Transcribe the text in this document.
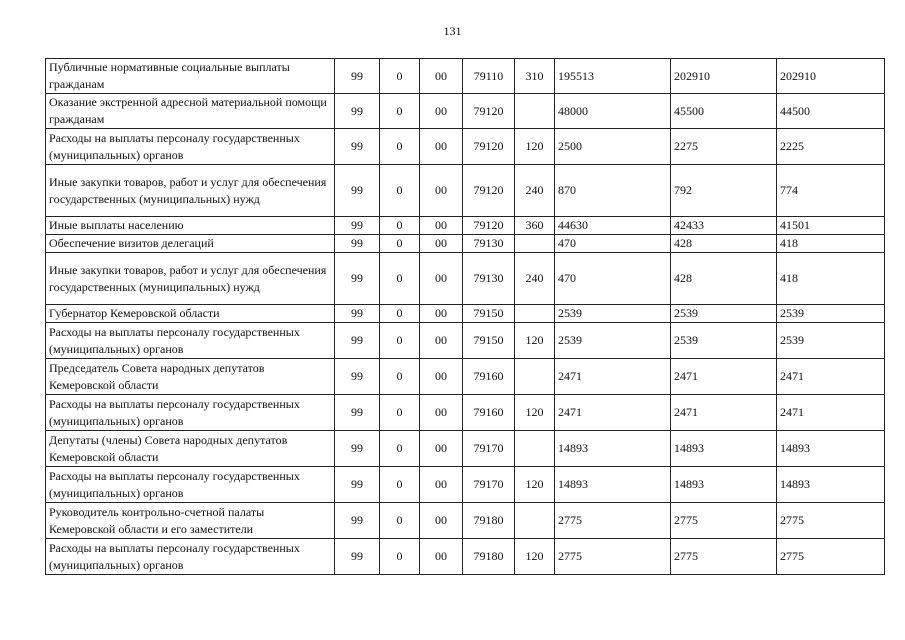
131
Публичные нормативные социальные выплаты гражданам	99	0	00	79110	310	195513	202910	202910
Оказание экстренной адресной материальной помощи гражданам	99	0	00	79120		48000	45500	44500
Расходы на выплаты персоналу государственных (муниципальных) органов	99	0	00	79120	120	2500	2275	2225
Иные закупки товаров, работ и услуг для обеспечения государственных (муниципальных) нужд	99	0	00	79120	240	870	792	774
Иные выплаты населению	99	0	00	79120	360	44630	42433	41501
Обеспечение визитов делегаций	99	0	00	79130		470	428	418
Иные закупки товаров, работ и услуг для обеспечения государственных (муниципальных) нужд	99	0	00	79130	240	470	428	418
Губернатор Кемеровской области	99	0	00	79150		2539	2539	2539
Расходы на выплаты персоналу государственных (муниципальных) органов	99	0	00	79150	120	2539	2539	2539
Председатель Совета народных депутатов Кемеровской области	99	0	00	79160		2471	2471	2471
Расходы на выплаты персоналу государственных (муниципальных) органов	99	0	00	79160	120	2471	2471	2471
Депутаты (члены) Совета народных депутатов Кемеровской области	99	0	00	79170		14893	14893	14893
Расходы на выплаты персоналу государственных (муниципальных) органов	99	0	00	79170	120	14893	14893	14893
Руководитель контрольно-счетной палаты Кемеровской области и его заместители	99	0	00	79180		2775	2775	2775
Расходы на выплаты персоналу государственных (муниципальных) органов	99	0	00	79180	120	2775	2775	2775
